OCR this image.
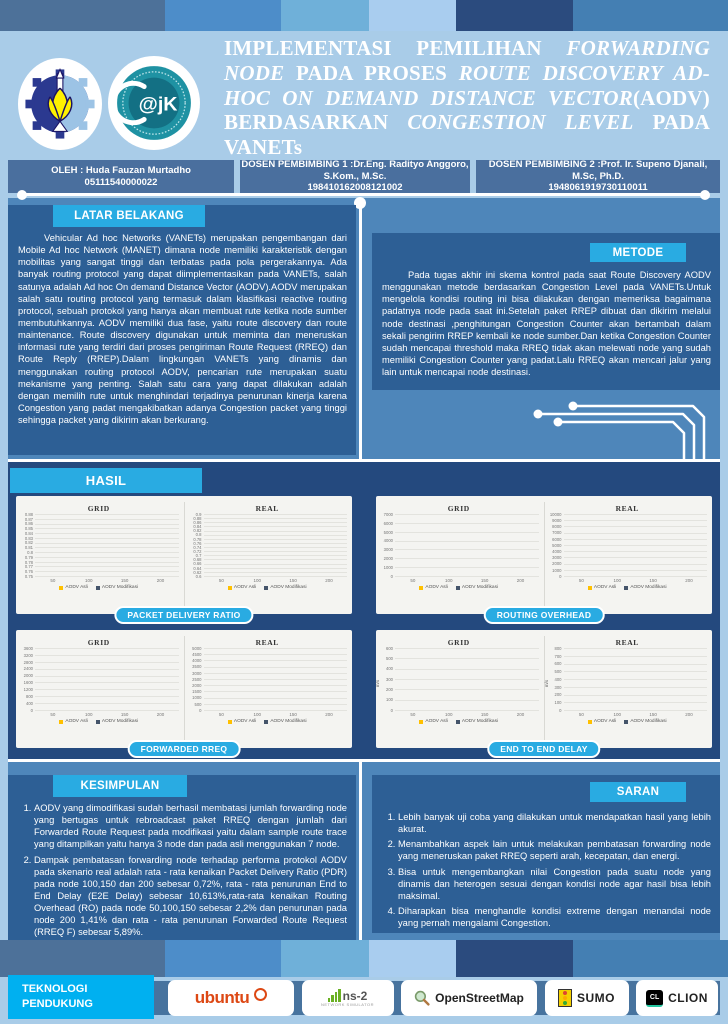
@jK
IMPLEMENTASI PEMILIHAN FORWARDING NODE PADA PROSES ROUTE DISCOVERY AD-HOC ON DEMAND DISTANCE VECTOR(AODV) BERDASARKAN CONGESTION LEVEL PADA VANETs
OLEH : Huda Fauzan Murtadho
05111540000022
DOSEN PEMBIMBING 1 :Dr.Eng. Radityo Anggoro, S.Kom., M.Sc.
198410162008121002
DOSEN PEMBIMBING 2 :Prof. Ir. Supeno Djanali, M.Sc, Ph.D.
1948061919730110011
LATAR BELAKANG

Vehicular Ad hoc Networks (VANETs) merupakan pengembangan dari Mobile Ad hoc Network (MANET) dimana node memiliki karakteristik dengan mobilitas yang sangat tinggi dan terbatas pada pola pergerakannya. Ada banyak routing protocol yang dapat diimplementasikan pada VANETs, salah satunya adalah Ad hoc On demand Distance Vector (AODV).AODV merupakan salah satu routing protocol yang termasuk dalam klasifikasi reactive routing protocol, sebuah protokol yang hanya akan membuat rute ketika node sumber membutuhkannya. AODV memiliki dua fase, yaitu route discovery dan route maintenance. Route discovery digunakan untuk meminta dan meneruskan informasi rute yang terdiri dari proses pengiriman Route Request (RREQ) dan Route Reply (RREP).Dalam lingkungan VANETs yang dinamis dan menggunakan routing protocol AODV, pencarian rute merupakan suatu mekanisme yang penting. Salah satu cara yang dapat dilakukan adalah dengan memilih rute untuk menghindari terjadinya penurunan kinerja karena Congestion yang padat mengakibatkan adanya Congestion packet yang tinggi sehingga packet yang dikirim akan berkurang.

METODE

Pada tugas akhir ini skema kontrol pada saat Route Discovery AODV menggunakan metode berdasarkan Congestion Level pada VANETs.Untuk mengelola kondisi routing ini bisa dilakukan dengan memeriksa bagaimana padatnya node pada saat ini.Setelah paket RREP dibuat dan dikirim melalui node destinasi ,penghitungan Congestion Counter akan bertambah dalam sekali pengirim RREP kembali ke node sumber.Dan ketika Congestion Counter sudah mencapai threshold maka RREQ tidak akan melewati node yang sudah memiliki Congestion Counter yang padat.Lalu RREQ akan mencari jalur yang lain untuk mencapai node destinasi.

HASIL
GRID
0.75
0.76
0.77
0.78
0.79
0.8
0.81
0.82
0.83
0.84
0.85
0.86
0.87
0.88
50	100	150	200
AODV Asli	AODV Modifikasi
REAL
0.6
0.62
0.64
0.66
0.68
0.7
0.72
0.74
0.76
0.78
0.8
0.82
0.84
0.86
0.88
0.9
50	100	150	200
AODV Asli	AODV Modifikasi
PACKET DELIVERY RATIO
GRID
0
1000
2000
3000
4000
5000
6000
7000
50	100	150	200
AODV Asli	AODV Modifikasi
REAL
0
1000
2000
3000
4000
5000
6000
7000
8000
9000
10000
50	100	150	200
AODV Asli	AODV Modifikasi
ROUTING OVERHEAD
GRID
0
400
800
1200
1600
2000
2400
2800
3200
3600
50	100	150	200
AODV Asli	AODV Modifikasi
REAL
0
500
1000
1500
2000
2500
3000
3500
4000
4500
5000
50	100	150	200
AODV Asli	AODV Modifikasi
FORWARDED RREQ
m/s
GRID
0
100
200
300
400
500
600
50	100	150	200
AODV Asli	AODV Modifikasi
m/s
REAL
0
100
200
300
400
500
600
700
800
50	100	150	200
AODV Asli	AODV Modifikasi
END TO END DELAY
KESIMPULAN
1. AODV yang dimodifikasi sudah berhasil membatasi jumlah forwarding node yang bertugas untuk rebroadcast paket RREQ dengan jumlah dari Forwarded Route Request pada modifikasi yaitu dalam sample route trace yang ditampilkan yaitu hanya 3 node dan pada asli menggunakan 7 node.
2. Dampak pembatasan forwarding node terhadap performa protokol AODV pada skenario real adalah rata - rata kenaikan Packet Delivery Ratio (PDR) pada node 100,150 dan 200 sebesar 0,72%, rata - rata penurunan End to End Delay (E2E Delay) sebesar 10,613%,rata-rata kenaikan Routing Overhead (RO) pada node 50,100,150 sebesar 2,2% dan penurunan pada node 200 1,41% dan rata - rata penurunan Forwarded Route Request (RREQ F) sebesar 5,89%.
SARAN
1. Lebih banyak uji coba yang dilakukan untuk mendapatkan hasil yang lebih akurat.
2. Menambahkan aspek lain untuk melakukan pembatasan forwarding node yang meneruskan paket RREQ seperti arah, kecepatan, dan energi.
3. Bisa untuk mengembangkan nilai Congestion pada suatu node yang dinamis dan heterogen sesuai dengan kondisi node agar hasil bisa lebih maksimal.
4. Diharapkan bisa menghandle kondisi extreme dengan menandai node yang pernah mengalami Congestion.
TEKNOLOGI
PENDUKUNG	ubuntu	ns-2
NETWORK SIMULATOR	OpenStreetMap	SUMO	CL CLION
